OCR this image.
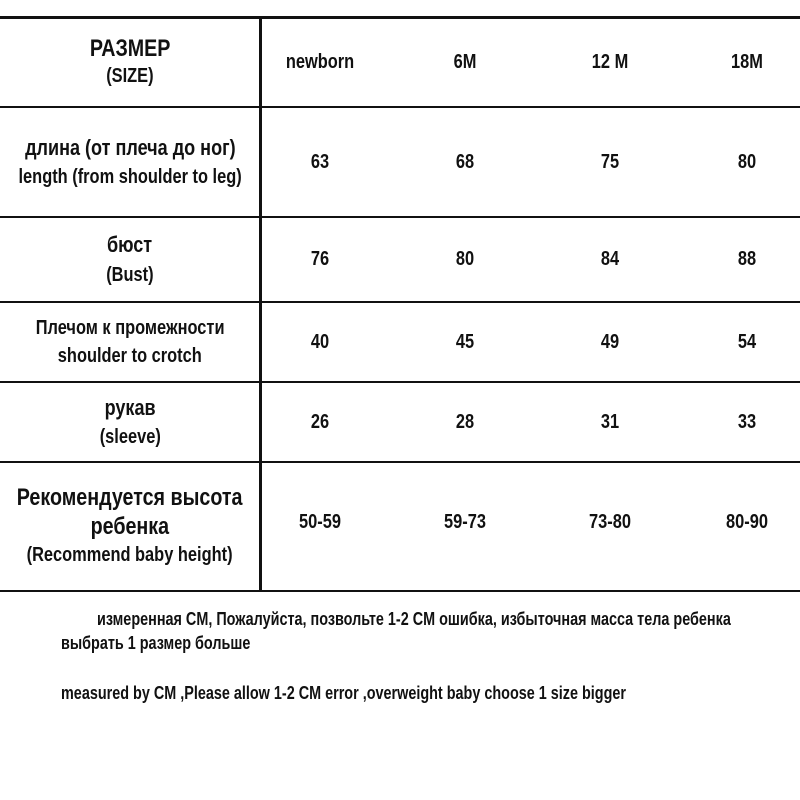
РАЗМЕР
(SIZE)
newborn	6M	12 M	18M
длина (от плеча до ног)
length (from shoulder to leg)
63	68	75	80
бюст
(Bust)
76	80	84	88
Плечом к промежности
shoulder to crotch
40	45	49	54
рукав
(sleeve)
26	28	31	33
Рекомендуется высота
ребенка
(Recommend baby height)
50-59	59-73	73-80	80-90
измеренная CM, Пожалуйста, позвольте 1-2 CM ошибка, избыточная масса тела ребенка
выбрать 1 размер больше
measured by CM ,Please allow 1-2 CM error ,overweight baby choose 1 size bigger
